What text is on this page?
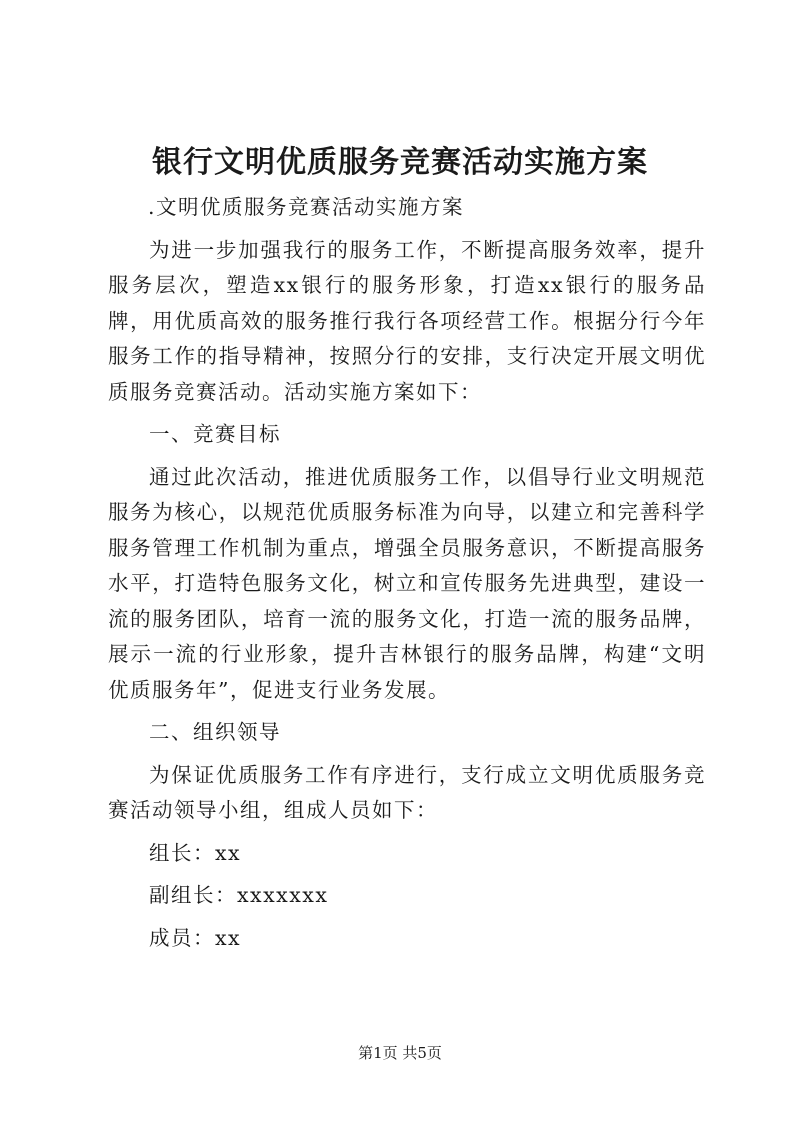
银行文明优质服务竞赛活动实施方案

.文明优质服务竞赛活动实施方案

为进一步加强我行的服务工作，不断提高服务效率，提升服务层次，塑造xx银行的服务形象，打造xx银行的服务品牌，用优质高效的服务推行我行各项经营工作。根据分行今年服务工作的指导精神，按照分行的安排，支行决定开展文明优质服务竞赛活动。活动实施方案如下：

一、竞赛目标

通过此次活动，推进优质服务工作，以倡导行业文明规范服务为核心，以规范优质服务标准为向导，以建立和完善科学服务管理工作机制为重点，增强全员服务意识，不断提高服务水平，打造特色服务文化，树立和宣传服务先进典型，建设一流的服务团队，培育一流的服务文化，打造一流的服务品牌，展示一流的行业形象，提升吉林银行的服务品牌，构建“文明优质服务年”，促进支行业务发展。

二、组织领导

为保证优质服务工作有序进行，支行成立文明优质服务竞赛活动领导小组，组成人员如下：

组长：xx

副组长：xxxxxxx

成员：xx

第1页 共5页
